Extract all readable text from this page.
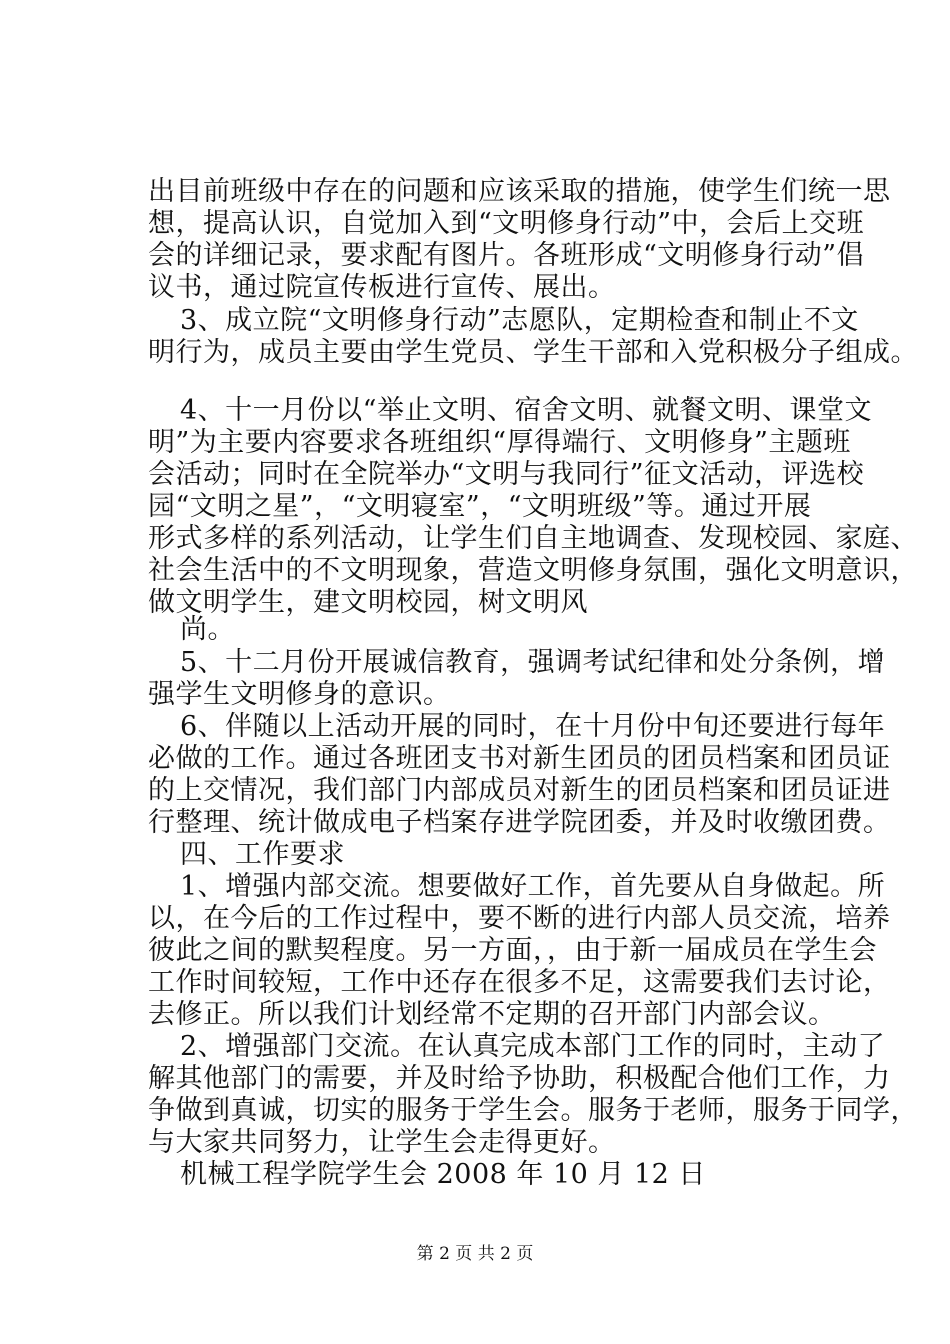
出目前班级中存在的问题和应该采取的措施，使学生们统一思
想，提高认识，自觉加入到“文明修身行动”中，会后上交班
会的详细记录，要求配有图片。各班形成“文明修身行动”倡
议书，通过院宣传板进行宣传、展出。
3、成立院“文明修身行动”志愿队，定期检查和制止不文
明行为，成员主要由学生党员、学生干部和入党积极分子组成。
4、十一月份以“举止文明、宿舍文明、就餐文明、课堂文
明”为主要内容要求各班组织“厚得端行、文明修身”主题班
会活动；同时在全院举办“文明与我同行”征文活动，评选校
园“文明之星”，“文明寝室”，“文明班级”等。通过开展
形式多样的系列活动，让学生们自主地调查、发现校园、家庭、
社会生活中的不文明现象，营造文明修身氛围，强化文明意识，
做文明学生，建文明校园，树文明风
尚。
5、十二月份开展诚信教育，强调考试纪律和处分条例，增
强学生文明修身的意识。
6、伴随以上活动开展的同时，在十月份中旬还要进行每年
必做的工作。通过各班团支书对新生团员的团员档案和团员证
的上交情况，我们部门内部成员对新生的团员档案和团员证进
行整理、统计做成电子档案存进学院团委，并及时收缴团费。
四、工作要求
1、增强内部交流。想要做好工作，首先要从自身做起。所
以，在今后的工作过程中，要不断的进行内部人员交流，培养
彼此之间的默契程度。另一方面，，由于新一届成员在学生会
工作时间较短，工作中还存在很多不足，这需要我们去讨论，
去修正。所以我们计划经常不定期的召开部门内部会议。
2、增强部门交流。在认真完成本部门工作的同时，主动了
解其他部门的需要，并及时给予协助，积极配合他们工作，力
争做到真诚，切实的服务于学生会。服务于老师，服务于同学，
与大家共同努力，让学生会走得更好。
机械工程学院学生会 2008 年 10 月 12 日
第 2 页 共 2 页
